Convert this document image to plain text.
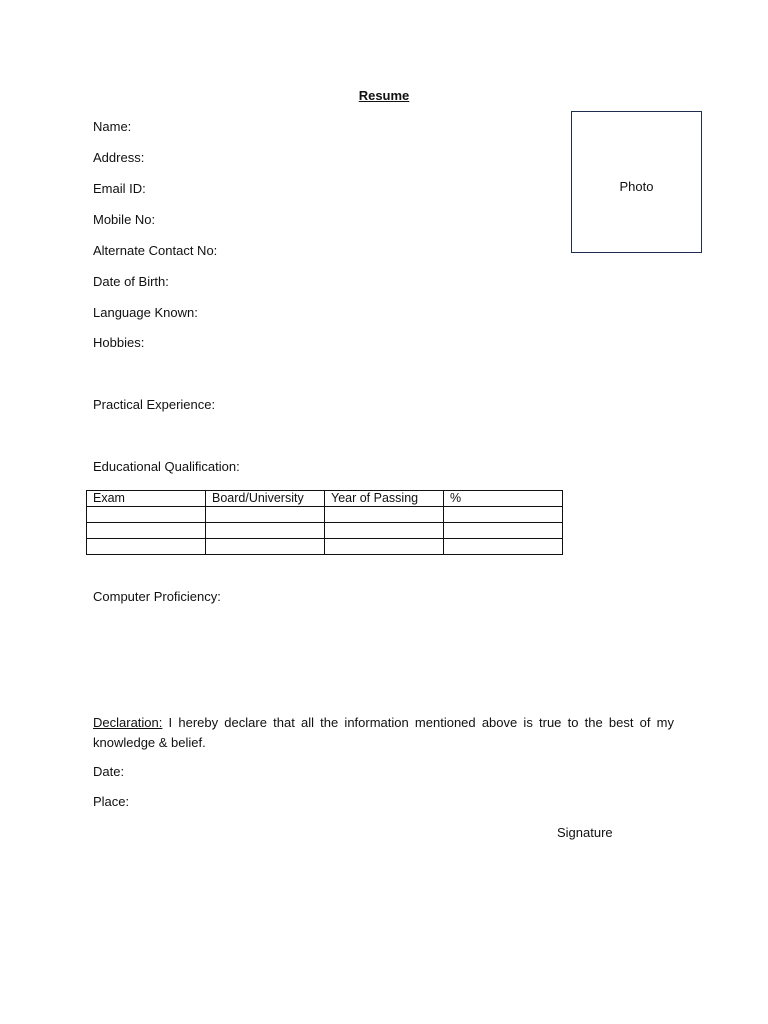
Resume
Name:
Address:
Email ID:
Mobile No:
Alternate Contact No:
Date of Birth:
Language Known:
Hobbies:
Practical Experience:
Educational Qualification:
Photo
Exam	Board/University	Year of Passing	%

Computer Proficiency:
Declaration: I hereby declare that all the information mentioned above is true to the best of my knowledge & belief.
Date:
Place:
Signature
